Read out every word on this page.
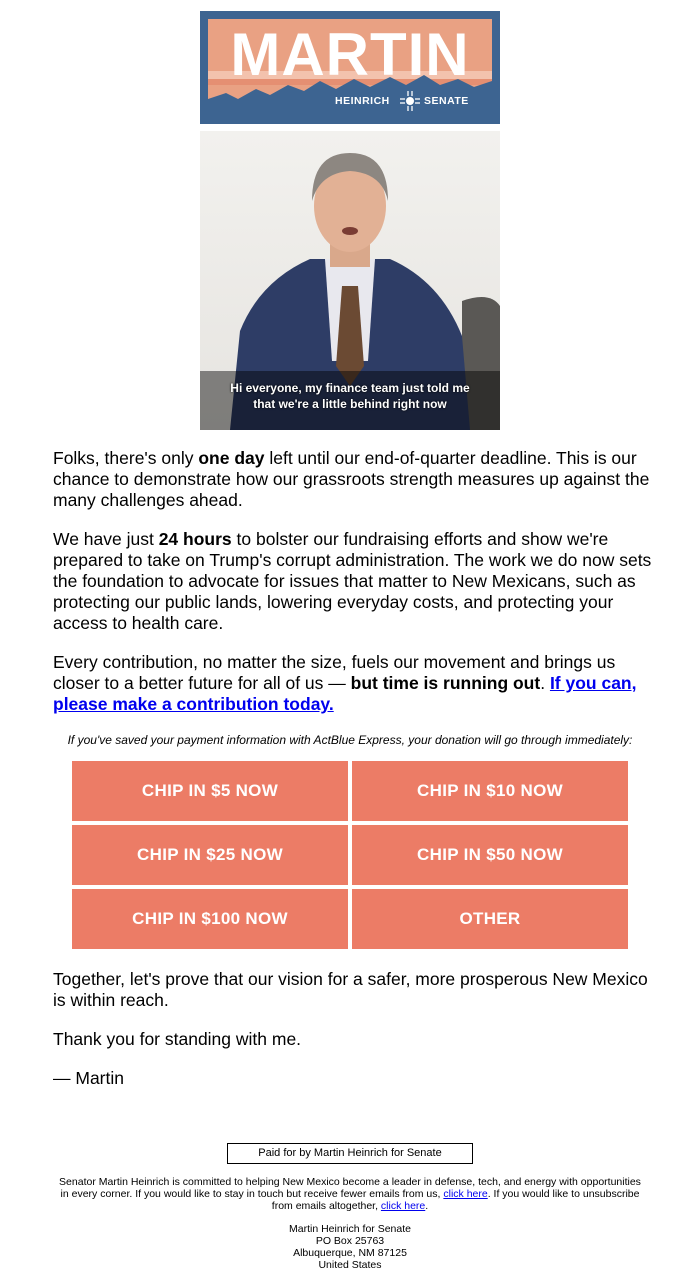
MARTIN
HEINRICH	SENATE
Hi everyone, my finance team just told me
that we're a little behind right now

Folks, there's only one day left until our end-of-quarter deadline. This is our chance to demonstrate how our grassroots strength measures up against the many challenges ahead.

We have just 24 hours to bolster our fundraising efforts and show we're prepared to take on Trump's corrupt administration. The work we do now sets the foundation to advocate for issues that matter to New Mexicans, such as protecting our public lands, lowering everyday costs, and protecting your access to health care.

Every contribution, no matter the size, fuels our movement and brings us closer to a better future for all of us — but time is running out. If you can, please make a contribution today.

If you've saved your payment information with ActBlue Express, your donation will go through immediately:
CHIP IN $5 NOW	CHIP IN $10 NOW
CHIP IN $25 NOW	CHIP IN $50 NOW
CHIP IN $100 NOW	OTHER

Together, let's prove that our vision for a safer, more prosperous New Mexico is within reach.

Thank you for standing with me.

— Martin

Paid for by Martin Heinrich for Senate

Senator Martin Heinrich is committed to helping New Mexico become a leader in defense, tech, and energy with opportunities in every corner. If you would like to stay in touch but receive fewer emails from us, click here. If you would like to unsubscribe from emails altogether, click here.

Martin Heinrich for Senate
PO Box 25763
Albuquerque, NM 87125
United States
